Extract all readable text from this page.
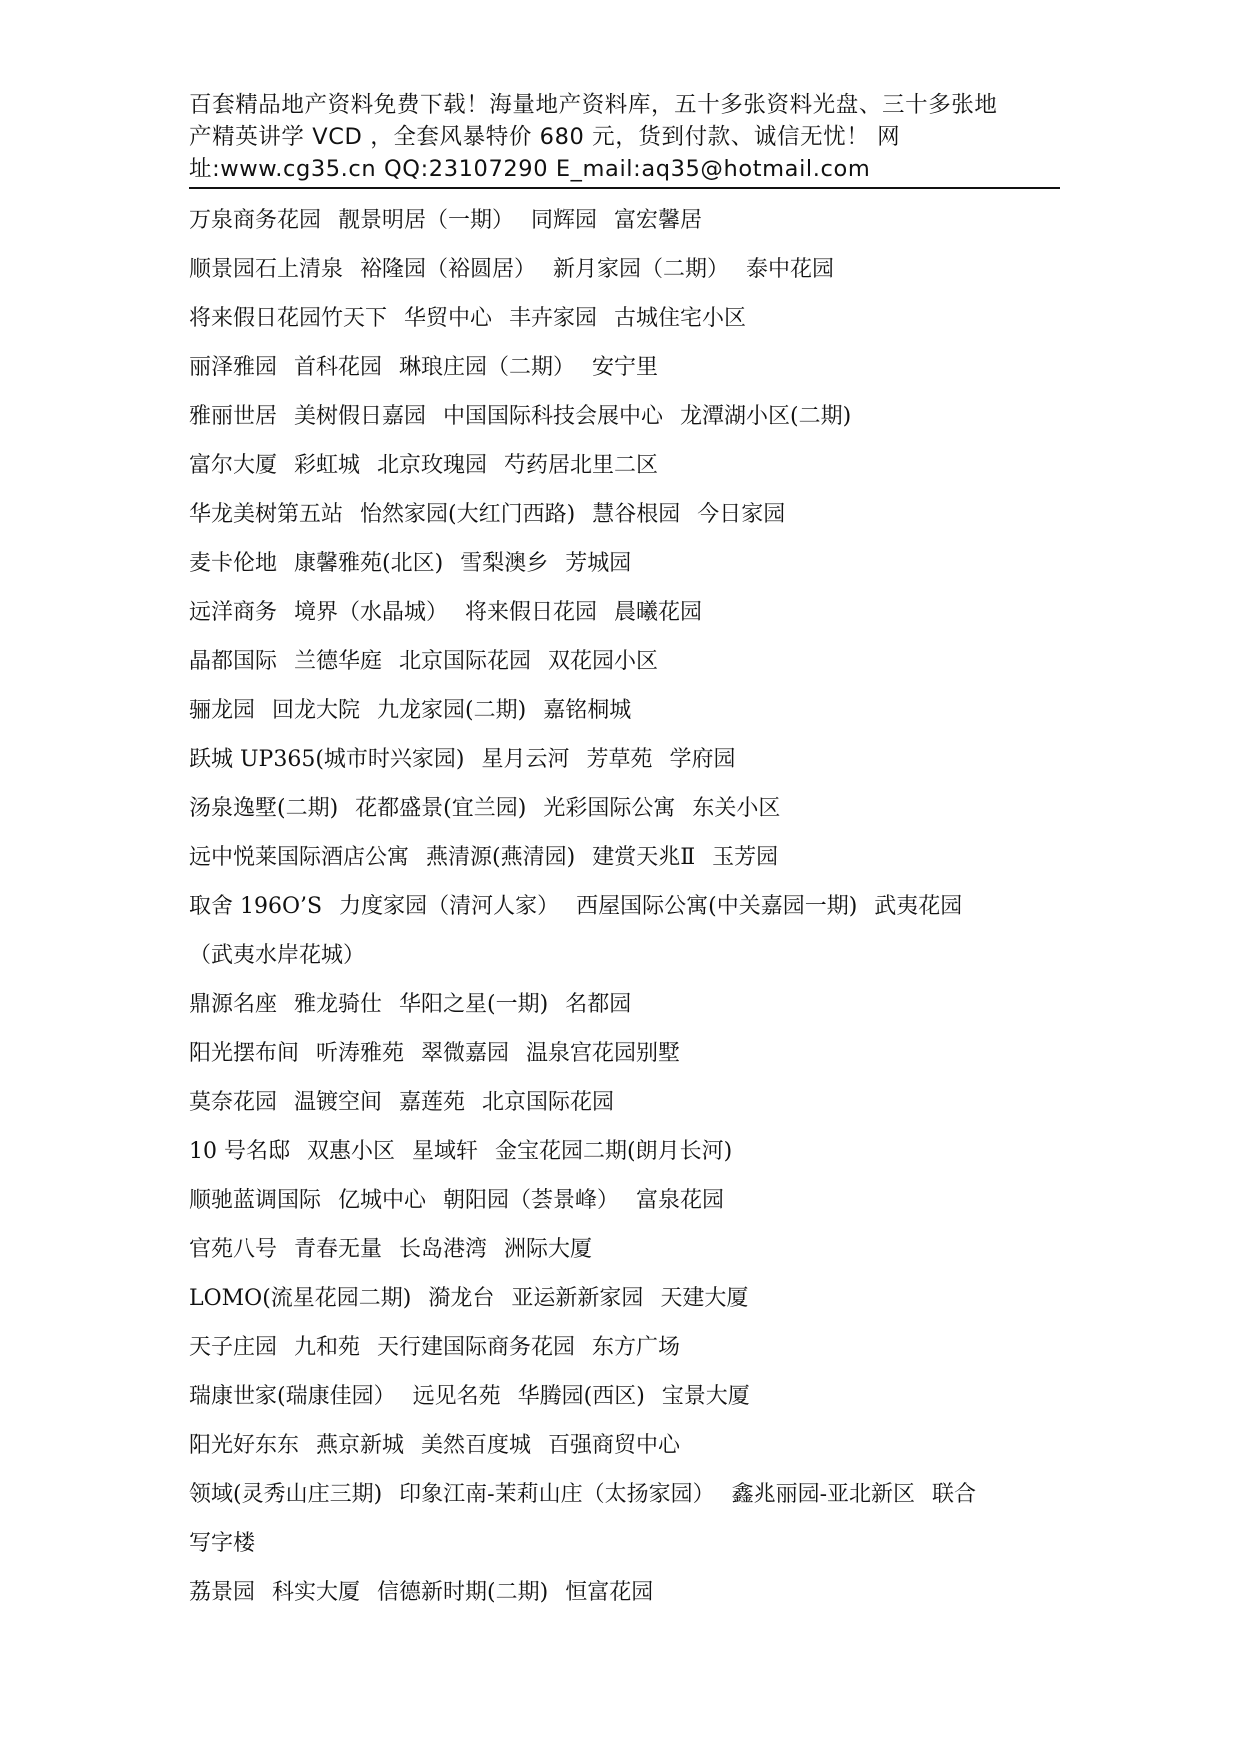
百套精品地产资料免费下载！海量地产资料库，五十多张资料光盘、三十多张地
产精英讲学 VCD ，全套风暴特价 680 元，货到付款、诚信无忧！ 网
址:www.cg35.cn QQ:23107290 E_mail:aq35@hotmail.com
万泉商务花园 靓景明居（一期） 同辉园 富宏馨居
顺景园石上清泉 裕隆园（裕圆居） 新月家园（二期） 泰中花园
将来假日花园竹天下 华贸中心 丰卉家园 古城住宅小区
丽泽雅园 首科花园 琳琅庄园（二期） 安宁里
雅丽世居 美树假日嘉园 中国国际科技会展中心 龙潭湖小区(二期)
富尔大厦 彩虹城 北京玫瑰园 芍药居北里二区
华龙美树第五站 怡然家园(大红门西路) 慧谷根园 今日家园
麦卡伦地 康馨雅苑(北区) 雪梨澳乡 芳城园
远洋商务 境界（水晶城） 将来假日花园 晨曦花园
晶都国际 兰德华庭 北京国际花园 双花园小区
骊龙园 回龙大院 九龙家园(二期) 嘉铭桐城
跃城 UP365(城市时兴家园) 星月云河 芳草苑 学府园
汤泉逸墅(二期) 花都盛景(宜兰园) 光彩国际公寓 东关小区
远中悦莱国际酒店公寓 燕清源(燕清园) 建赏天兆Ⅱ 玉芳园
取舍 196O’S 力度家园（清河人家） 西屋国际公寓(中关嘉园一期) 武夷花园
（武夷水岸花城）
鼎源名座 雅龙骑仕 华阳之星(一期) 名都园
阳光摆布间 听涛雅苑 翠微嘉园 温泉宫花园别墅
莫奈花园 温镀空间 嘉莲苑 北京国际花园
10 号名邸 双惠小区 星域轩 金宝花园二期(朗月长河)
顺驰蓝调国际 亿城中心 朝阳园（荟景峰） 富泉花园
官苑八号 青春无量 长岛港湾 洲际大厦
LOMO(流星花园二期) 漪龙台 亚运新新家园 天建大厦
天子庄园 九和苑 天行建国际商务花园 东方广场
瑞康世家(瑞康佳园） 远见名苑 华腾园(西区) 宝景大厦
阳光好东东 燕京新城 美然百度城 百强商贸中心
领域(灵秀山庄三期) 印象江南-茉莉山庄（太扬家园） 鑫兆丽园-亚北新区 联合
写字楼
荔景园 科实大厦 信德新时期(二期) 恒富花园
